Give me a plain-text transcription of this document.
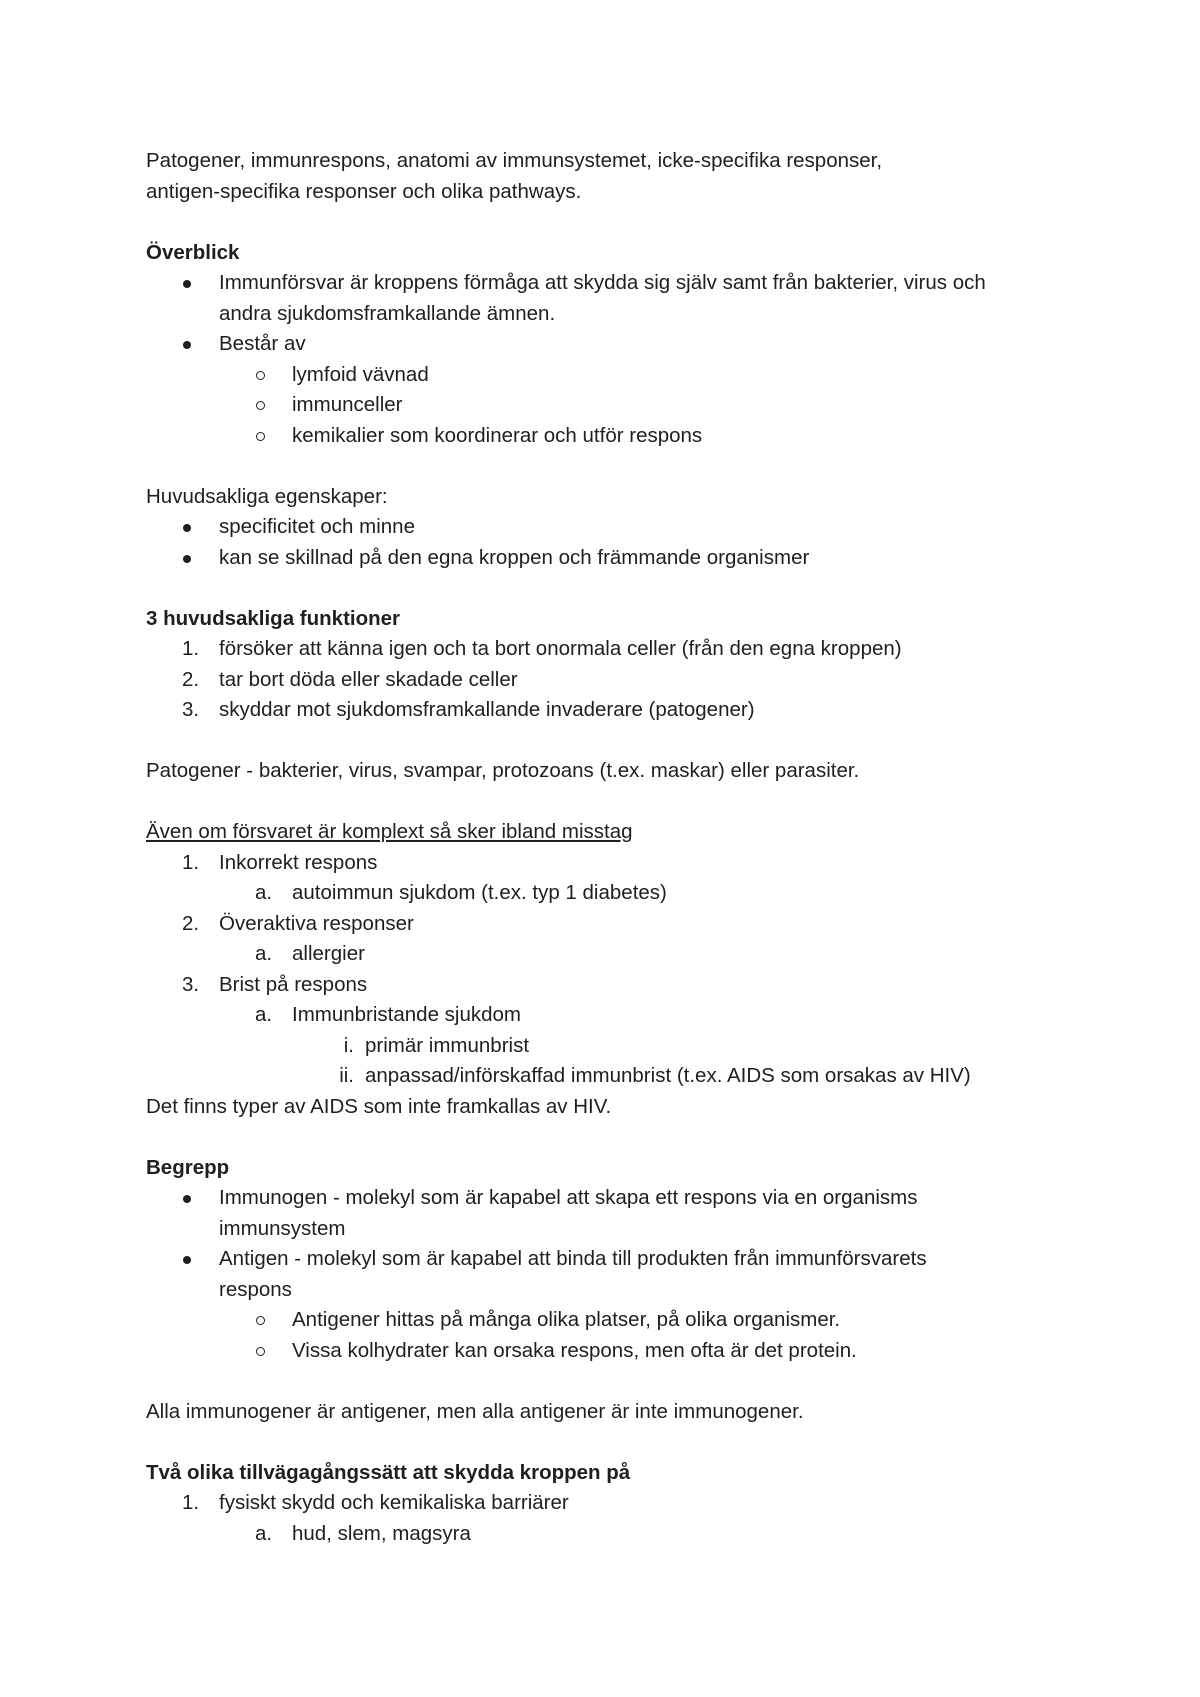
Patogener, immunrespons, anatomi av immunsystemet, icke-specifika responser,

antigen-specifika responser och olika pathways.

Överblick

Immunförsvar är kroppens förmåga att skydda sig själv samt från bakterier, virus och
andra sjukdomsframkallande ämnen.
Består av
lymfoid vävnad
immunceller
kemikalier som koordinerar och utför respons

Huvudsakliga egenskaper:

specificitet och minne
kan se skillnad på den egna kroppen och främmande organismer

3 huvudsakliga funktioner

1. försöker att känna igen och ta bort onormala celler (från den egna kroppen)
2. tar bort döda eller skadade celler
3. skyddar mot sjukdomsframkallande invaderare (patogener)

Patogener - bakterier, virus, svampar, protozoans (t.ex. maskar) eller parasiter.

Även om försvaret är komplext så sker ibland misstag

1. Inkorrekt respons
a. autoimmun sjukdom (t.ex. typ 1 diabetes)
2. Överaktiva responser
a. allergier
3. Brist på respons
a. Immunbristande sjukdom
i. primär immunbrist
ii. anpassad/införskaffad immunbrist (t.ex. AIDS som orsakas av HIV)

Det finns typer av AIDS som inte framkallas av HIV.

Begrepp

Immunogen - molekyl som är kapabel att skapa ett respons via en organisms
immunsystem
Antigen - molekyl som är kapabel att binda till produkten från immunförsvarets
respons
Antigener hittas på många olika platser, på olika organismer.
Vissa kolhydrater kan orsaka respons, men ofta är det protein.

Alla immunogener är antigener, men alla antigener är inte immunogener.

Två olika tillvägagångssätt att skydda kroppen på

1. fysiskt skydd och kemikaliska barriärer
a. hud, slem, magsyra
